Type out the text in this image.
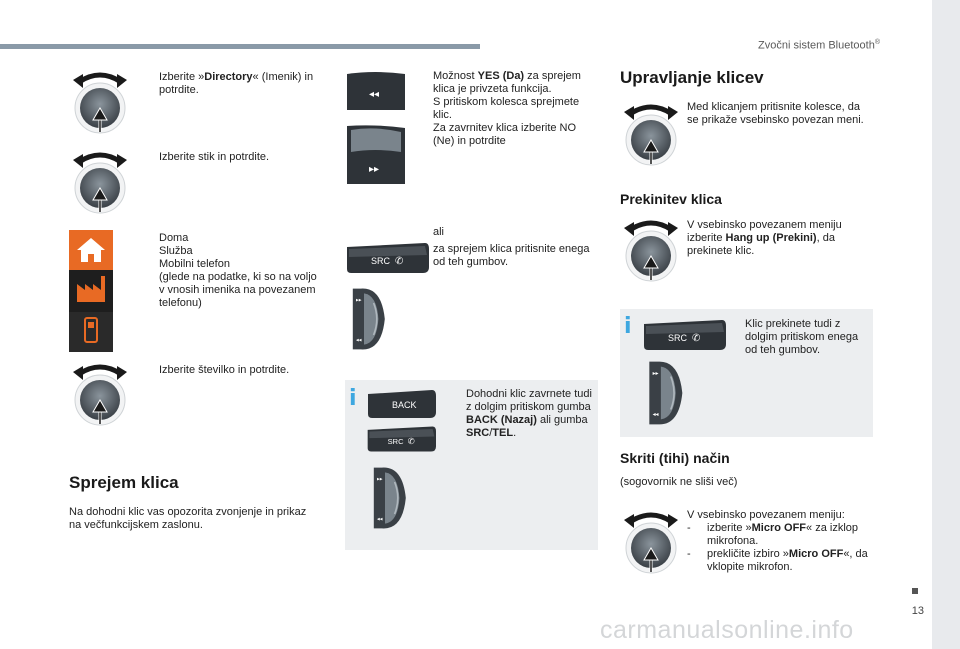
Zvočni sistem Bluetooth®
13
Izberite »Directory« (Imenik) in potrdite.
Izberite stik in potrdite.
Doma
Služba
Mobilni telefon
(glede na podatke, ki so na voljo v vnosih imenika na povezanem telefonu)
Izberite številko in potrdite.
Sprejem klica
Na dohodni klic vas opozorita zvonjenje in prikaz na večfunkcijskem zaslonu.
◂◂
▸▸
Možnost YES (Da) za sprejem klica je privzeta funkcija.
S pritiskom kolesca sprejmete klic.
Za zavrnitev klica izberite NO (Ne) in potrdite
ali
SRC ✆
za sprejem klica pritisnite enega od teh gumbov.
i	BACK
SRC ✆
Dohodni klic zavrnete tudi z dolgim pritiskom gumba BACK (Nazaj) ali gumba SRC/TEL.
Upravljanje klicev
Med klicanjem pritisnite kolesce, da se prikaže vsebinsko povezan meni.
Prekinitev klica
V vsebinsko povezanem meniju izberite Hang up (Prekini), da prekinete klic.
i	SRC ✆
Klic prekinete tudi z dolgim pritiskom enega od teh gumbov.
Skriti (tihi) način
(sogovornik ne sliši več)
V vsebinsko povezanem meniju:
-	izberite »Micro OFF« za izklop mikrofona.
-	prekličite izbiro »Micro OFF«, da vklopite mikrofon.
carmanualsonline.info
